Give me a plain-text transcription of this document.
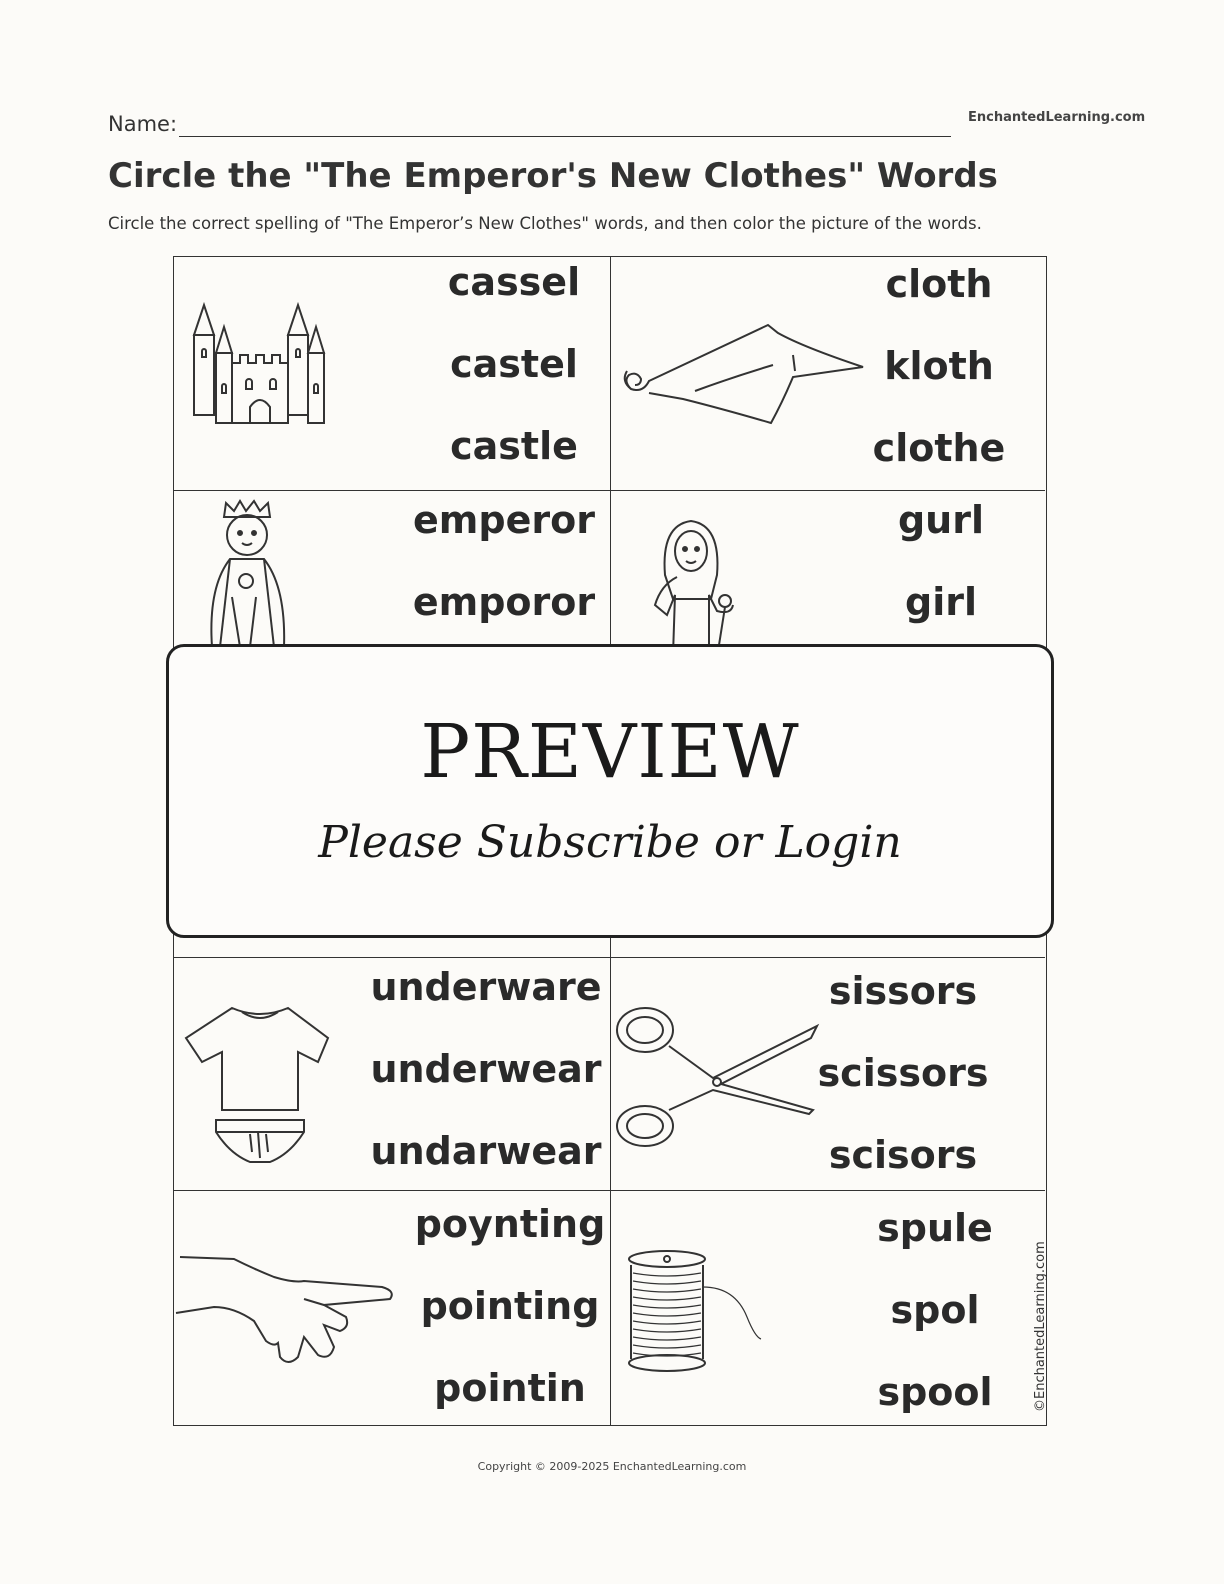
Name:	EnchantedLearning.com
Circle the "The Emperor's New Clothes" Words
Circle the correct spelling of "The Emperor’s New Clothes" words, and then color the picture of the words.
cassel
castel
castle
cloth
kloth
clothe
emperor
emporor
gurl
girl
underware
underwear
undarwear
sissors
scissors
scisors
poynting
pointing
pointin
spule
spol
spool	©EnchantedLearning.com
PREVIEW
Please Subscribe or Login
Copyright © 2009-2025 EnchantedLearning.com
